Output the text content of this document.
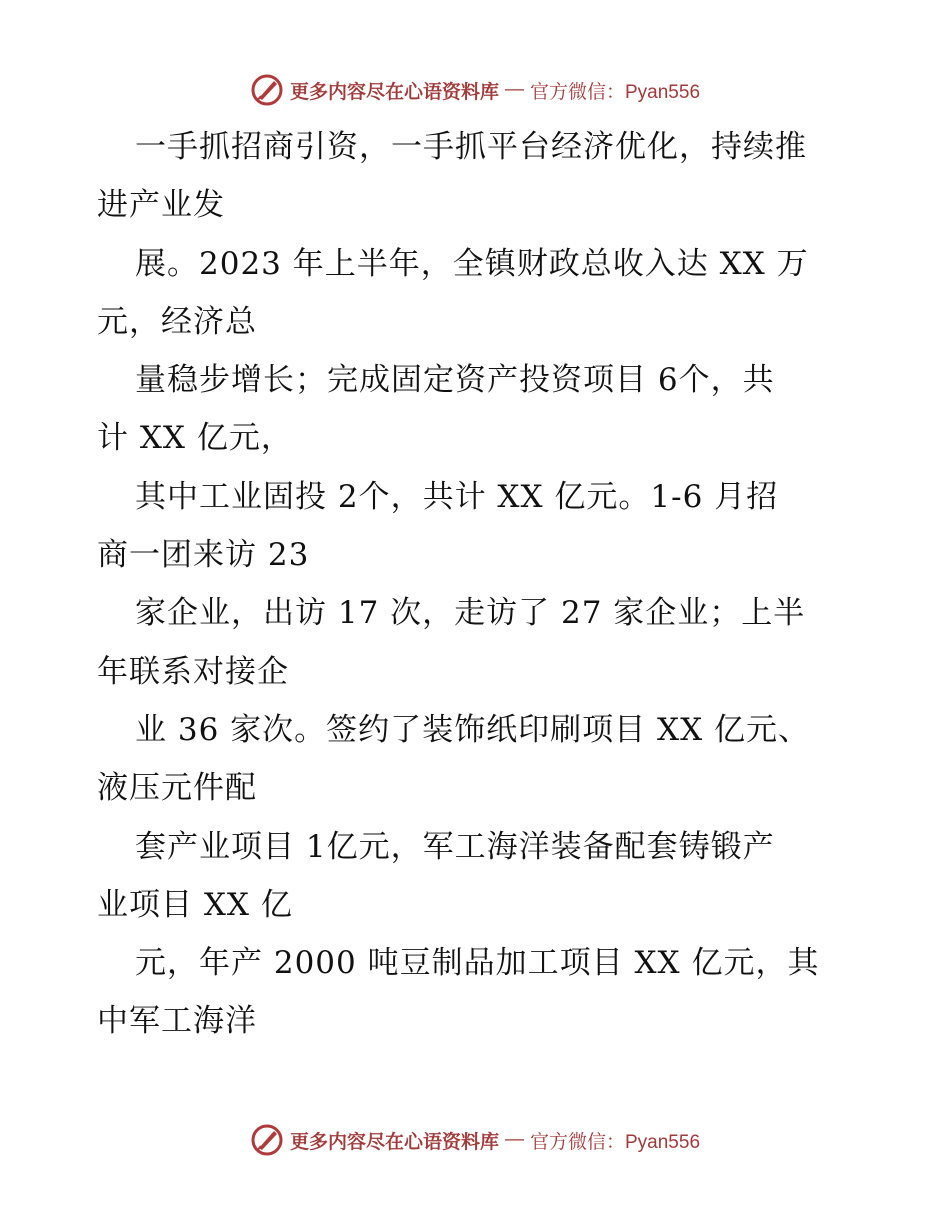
更多内容尽在心语资料库 — 官方微信：Pyan556
一手抓招商引资，一手抓平台经济优化，持续推
进产业发
展。2023 年上半年，全镇财政总收入达 XX 万
元，经济总
量稳步增长；完成固定资产投资项目 6个，共
计 XX 亿元，
其中工业固投 2个，共计 XX 亿元。1-6 月招
商一团来访 23
家企业，出访 17 次，走访了 27 家企业；上半
年联系对接企
业 36 家次。签约了装饰纸印刷项目 XX 亿元、
液压元件配
套产业项目 1亿元，军工海洋装备配套铸锻产
业项目 XX 亿
元，年产 2000 吨豆制品加工项目 XX 亿元，其
中军工海洋
更多内容尽在心语资料库 — 官方微信：Pyan556
